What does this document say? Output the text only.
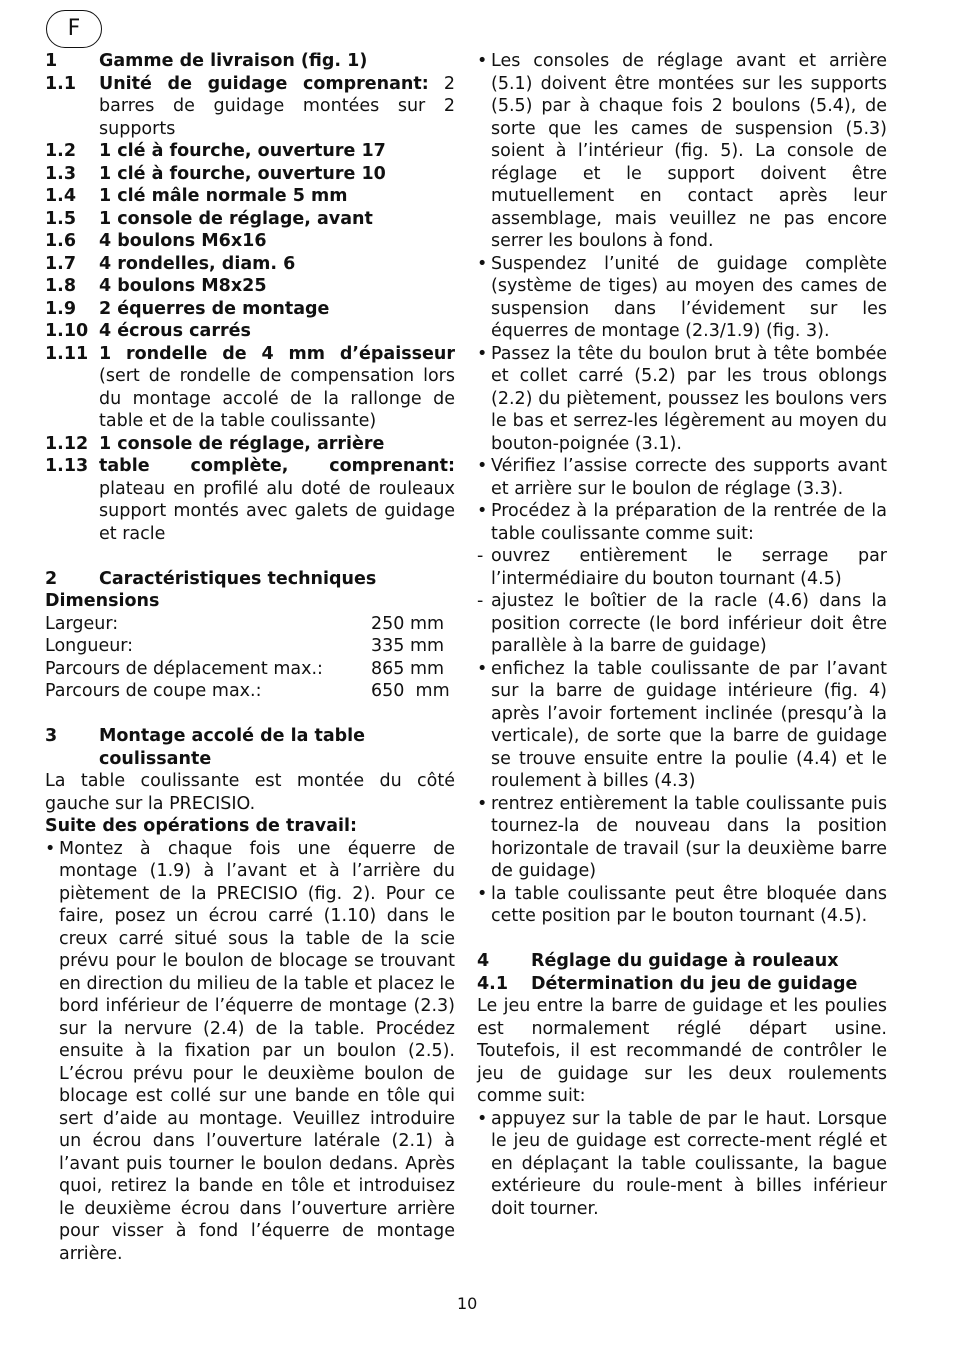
F
1	Gamme de livraison (fig. 1)
1.1	Unité de guidage comprenant: 2 barres de guidage montées sur 2 supports
1.2	1 clé à fourche, ouverture 17
1.3	1 clé à fourche, ouverture 10
1.4	1 clé mâle normale 5 mm
1.5	1 console de réglage, avant
1.6	4 boulons M6x16
1.7	4 rondelles, diam. 6
1.8	4 boulons M8x25
1.9	2 équerres de montage
1.10 4 écrous carrés
1.11 1 rondelle de 4 mm d’épaisseur (sert de rondelle de compensation lors du montage accolé de la rallonge de table et de la table coulissante)
1.12 1 console de réglage, arrière
1.13 table complète, comprenant: plateau en profilé alu doté de rouleaux support montés avec galets de guidage et racle
2	Caractéristiques techniques
Dimensions
Largeur:	250 mm
Longueur:	335 mm
Parcours de déplacement max.:	865 mm
Parcours de coupe max.:	650  mm
3	Montage accolé de la table coulissante
La table coulissante est montée du côté gauche sur la PRECISIO.
Suite des opérations de travail:
• Montez à chaque fois une équerre de montage (1.9) à l’avant et à l’arrière du piètement de la PRECISIO (fig. 2). Pour ce faire, posez un écrou carré (1.10) dans le creux carré situé sous la table de la scie prévu pour le boulon de blocage se trouvant en direction du milieu de la table et placez le bord inférieur de l’équerre de montage (2.3) sur la nervure (2.4) de la table. Procédez ensuite à la fixation par un boulon (2.5). L’écrou prévu pour le deuxième boulon de blocage est collé sur une bande en tôle qui sert d’aide au montage. Veuillez introduire un écrou dans l’ouverture latérale (2.1) à l’avant puis tourner le boulon dedans. Après quoi, retirez la bande en tôle et introduisez le deuxième écrou dans l’ouverture arrière pour visser à fond l’équerre de montage arrière.
• Les consoles de réglage avant et arrière (5.1) doivent être montées sur les supports (5.5) par à chaque fois 2 boulons (5.4), de sorte que les cames de suspension (5.3) soient à l’intérieur (fig. 5). La console de réglage et le support doivent être mutuellement en contact après leur assemblage, mais veuillez ne pas encore serrer les boulons à fond.
• Suspendez l’unité de guidage complète (système de tiges) au moyen des cames de suspension dans l’évidement sur les équerres de montage (2.3/1.9) (fig. 3).
• Passez la tête du boulon brut à tête bombée et collet carré (5.2) par les trous oblongs (2.2) du piètement, poussez les boulons vers le bas et serrez-les légèrement au moyen du bouton-poignée (3.1).
• Vérifiez l’assise correcte des supports avant et arrière sur le boulon de réglage (3.3).
• Procédez à la préparation de la rentrée de la table coulissante comme suit:
- ouvrez entièrement le serrage par l’intermédiaire du bouton tournant (4.5)
- ajustez le boîtier de la racle (4.6) dans la position correcte (le bord inférieur doit être parallèle à la barre de guidage)
• enfichez la table coulissante de par l’avant sur la barre de guidage intérieure (fig. 4) après l’avoir fortement inclinée (presqu’à la verticale), de sorte que la barre de guidage se trouve ensuite entre la poulie (4.4) et le roulement à billes (4.3)
• rentrez entièrement la table coulissante puis tournez-la de nouveau dans la position horizontale de travail (sur la deuxième barre de guidage)
• la table coulissante peut être bloquée dans cette position par le bouton tournant (4.5).
4	Réglage du guidage à rouleaux
4.1	Détermination du jeu de guidage
Le jeu entre la barre de guidage et les poulies est normalement réglé départ usine. Toutefois, il est recommandé de contrôler le jeu de guidage sur les deux roulements comme suit:
• appuyez sur la table de par le haut. Lorsque le jeu de guidage est correcte-ment réglé et en déplaçant la table coulissante, la bague extérieure du roule-ment à billes inférieur doit tourner.
10
